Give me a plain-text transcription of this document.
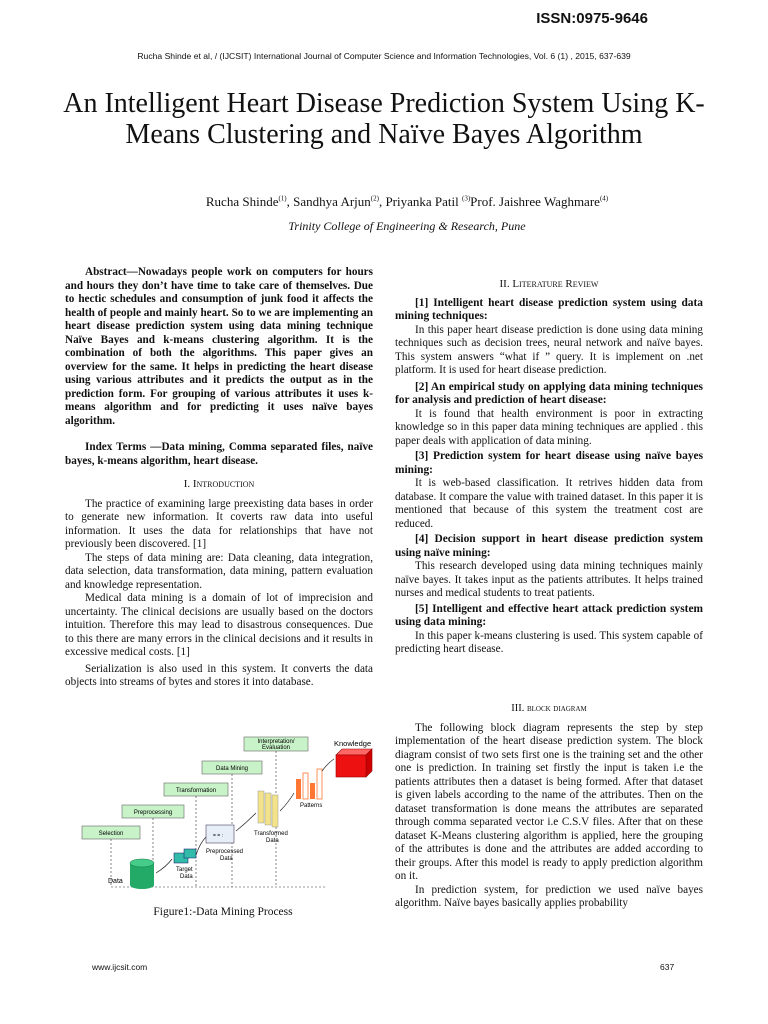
ISSN:0975-9646
Rucha Shinde et al, / (IJCSIT) International Journal of Computer Science and Information Technologies, Vol. 6 (1) , 2015, 637-639
An Intelligent Heart Disease Prediction System Using K-Means Clustering and Naïve Bayes Algorithm
Rucha Shinde$^{(1)}$, Sandhya Arjun$^{(2)}$, Priyanka Patil $^{(3)}$Prof. Jaishree Waghmare$^{(4)}$
Trinity College of Engineering & Research, Pune

Abstract—Nowadays people work on computers for hours and hours they don’t have time to take care of themselves. Due to hectic schedules and consumption of junk food it affects the health of people and mainly heart. So to we are implementing an heart disease prediction system using data mining technique Naïve Bayes and k-means clustering algorithm. It is the combination of both the algorithms. This paper gives an overview for the same. It helps in predicting the heart disease using various attributes and it predicts the output as in the prediction form. For grouping of various attributes it uses k-means algorithm and for predicting it uses naïve bayes algorithm.

Index Terms —Data mining, Comma separated files, naïve bayes, k-means algorithm, heart disease.

I. Introduction

The practice of examining large preexisting data bases in order to generate new information. It coverts raw data into useful information. It uses the data for relationships that have not previously been discovered. [1]

The steps of data mining are: Data cleaning, data integration, data selection, data transformation, data mining, pattern evaluation and knowledge representation.

Medical data mining is a domain of lot of imprecision and uncertainty. The clinical decisions are usually based on the doctors intuition. Therefore this may lead to disastrous consequences. Due to this there are many errors in the clinical decisions and it results in excessive medical costs. [1]

Serialization is also used in this system. It converts the data objects into streams of bytes and stores it into database.

Interpretation/
Evaluation	Knowledge
Data Mining
Transformation
Preprocessing
Selection
Patterns
Transformed
Data
= = :
Preprocessed
Data
Target
Data
Data
Figure1:-Data Mining Process
II. Literature Review

[1] Intelligent heart disease prediction system using data mining techniques:

In this paper heart disease prediction is done using data mining techniques such as decision trees, neural network and naïve bayes. This system answers “what if ” query. It is implement on .net platform. It is used for heart disease prediction.

[2] An empirical study on applying data mining techniques for analysis and prediction of heart disease:

It is found that health environment is poor in extracting knowledge so in this paper data mining techniques are applied . this paper deals with application of data mining.

[3] Prediction system for heart disease using naïve bayes mining:

It is web-based classification. It retrives hidden data from database. It compare the value with trained dataset. In this paper it is mentioned that because of this system the treatment cost are reduced.

[4] Decision support in heart disease prediction system using naïve mining:

This research developed using data mining techniques mainly naïve bayes. It takes input as the patients attributes. It helps trained nurses and medical students to treat patients.

[5] Intelligent and effective heart attack prediction system using data mining:

In this paper k-means clustering is used. This system capable of predicting heart disease.

III. block diagram

The following block diagram represents the step by step implementation of the heart disease prediction system. The block diagram consist of two sets first one is the training set and the other one is prediction. In training set firstly the input is taken i.e the patients attributes then a dataset is being formed. After that dataset is given labels according to the name of the attributes. Then on the dataset transformation is done means the attributes are separated through comma separated vector i.e C.S.V files. After that on these dataset K-Means clustering algorithm is applied, here the grouping of the attributes is done and the attributes are added according to their groups. After this model is ready to apply prediction algorithm on it.

In prediction system, for prediction we used naïve bayes algorithm. Naïve bayes basically applies probability

www.ijcsit.com	637
